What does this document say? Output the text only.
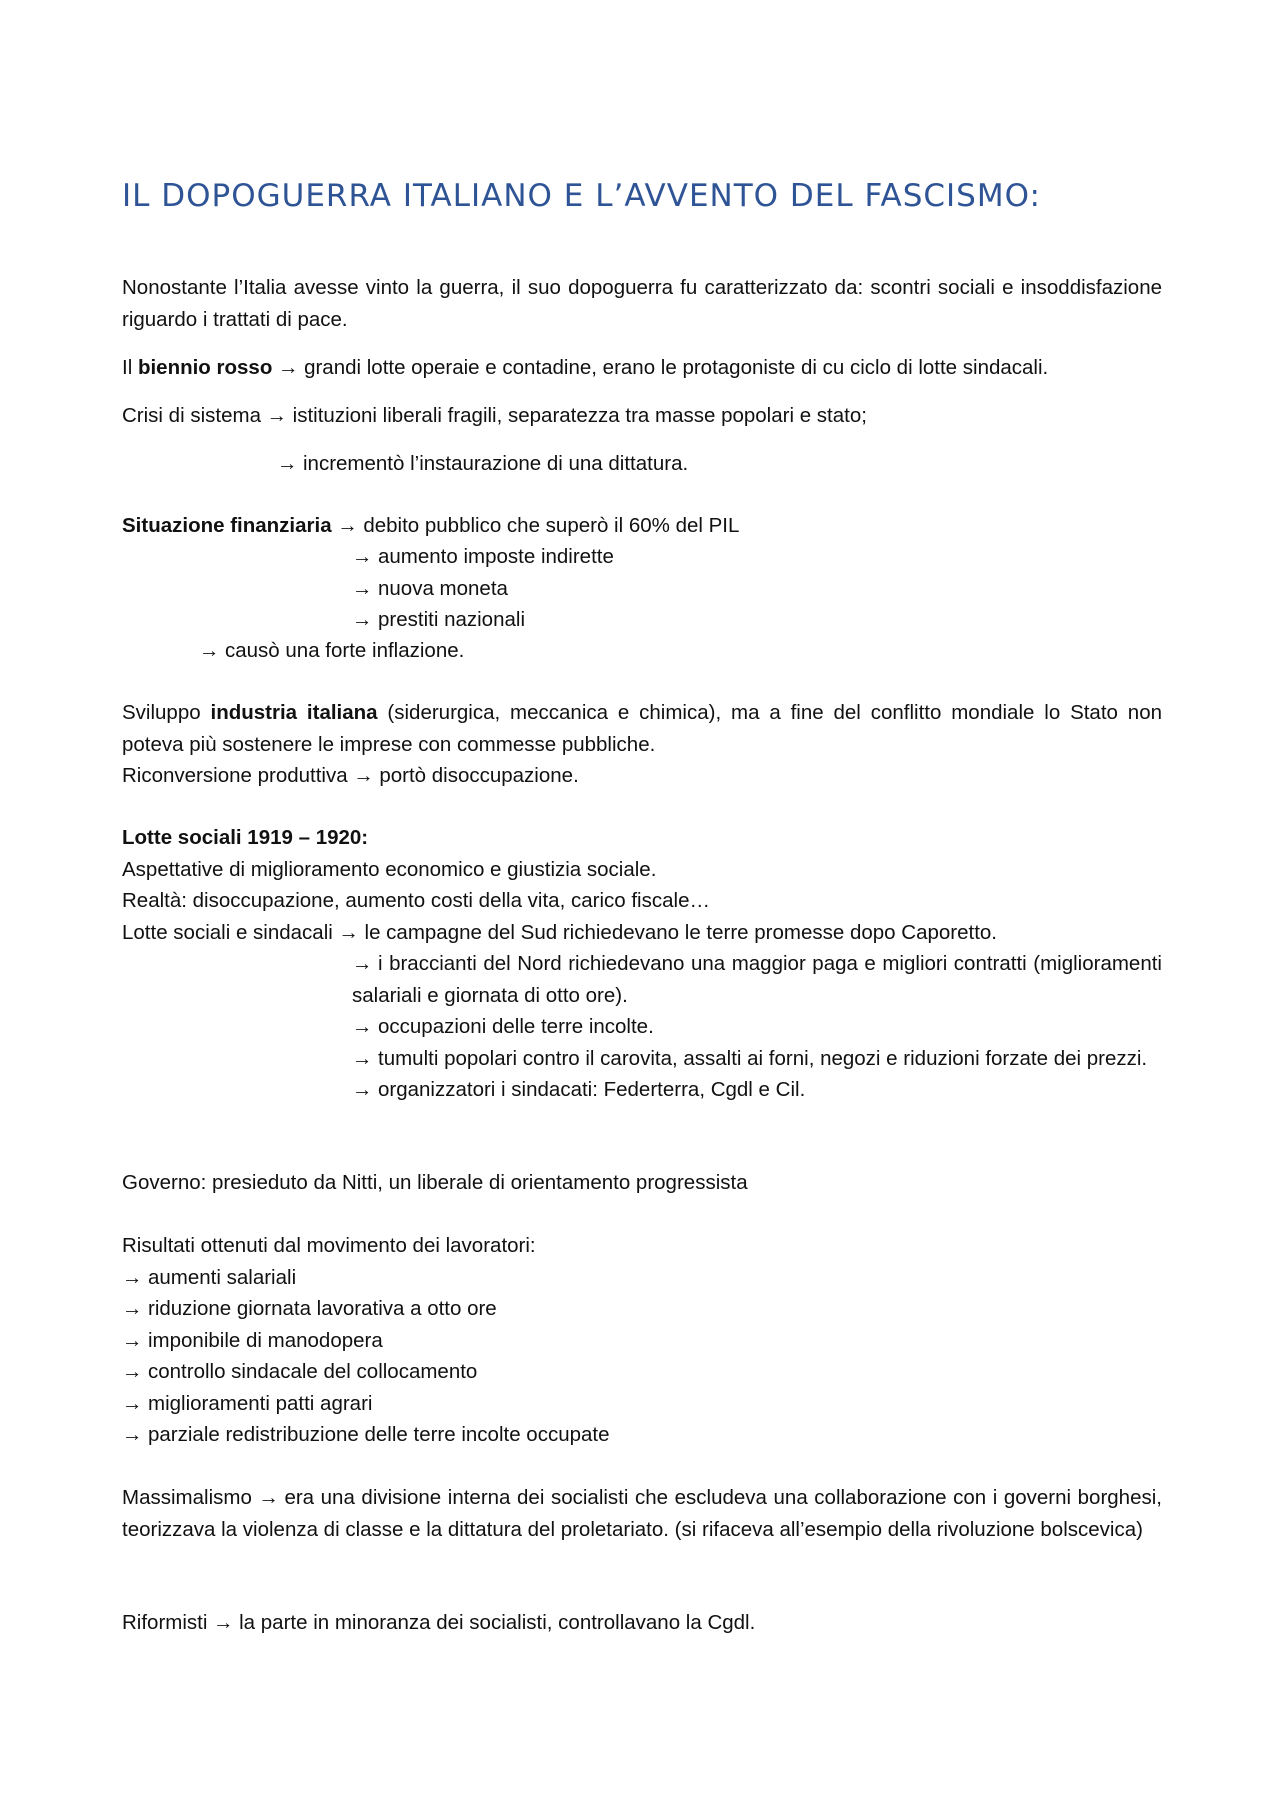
IL DOPOGUERRA ITALIANO E L’AVVENTO DEL FASCISMO:

Nonostante l’Italia avesse vinto la guerra, il suo dopoguerra fu caratterizzato da: scontri sociali e insoddisfazione riguardo i trattati di pace.

Il biennio rosso → grandi lotte operaie e contadine, erano le protagoniste di cu ciclo di lotte sindacali.
Crisi di sistema → istituzioni liberali fragili, separatezza tra masse popolari e stato;
→ incrementò l’instaurazione di una dittatura.
Situazione finanziaria → debito pubblico che superò il 60% del PIL
→ aumento imposte indirette
→ nuova moneta
→ prestiti nazionali
→ causò una forte inflazione.

Sviluppo industria italiana (siderurgica, meccanica e chimica), ma a fine del conflitto mondiale lo Stato non poteva più sostenere le imprese con commesse pubbliche.

Riconversione produttiva → portò disoccupazione.
Lotte sociali 1919 – 1920:
Aspettative di miglioramento economico e giustizia sociale.
Realtà: disoccupazione, aumento costi della vita, carico fiscale…
Lotte sociali e sindacali → le campagne del Sud richiedevano le terre promesse dopo Caporetto.
→ i braccianti del Nord richiedevano una maggior paga e migliori contratti (miglioramenti salariali e giornata di otto ore).
→ occupazioni delle terre incolte.
→ tumulti popolari contro il carovita, assalti ai forni, negozi e riduzioni forzate dei prezzi.
→ organizzatori i sindacati: Federterra, Cgdl e Cil.
Governo: presieduto da Nitti, un liberale di orientamento progressista
Risultati ottenuti dal movimento dei lavoratori:
→ aumenti salariali
→ riduzione giornata lavorativa a otto ore
→ imponibile di manodopera
→ controllo sindacale del collocamento
→ miglioramenti patti agrari
→ parziale redistribuzione delle terre incolte occupate

Massimalismo → era una divisione interna dei socialisti che escludeva una collaborazione con i governi borghesi, teorizzava la violenza di classe e la dittatura del proletariato. (si rifaceva all’esempio della rivoluzione bolscevica)

Riformisti → la parte in minoranza dei socialisti, controllavano la Cgdl.
